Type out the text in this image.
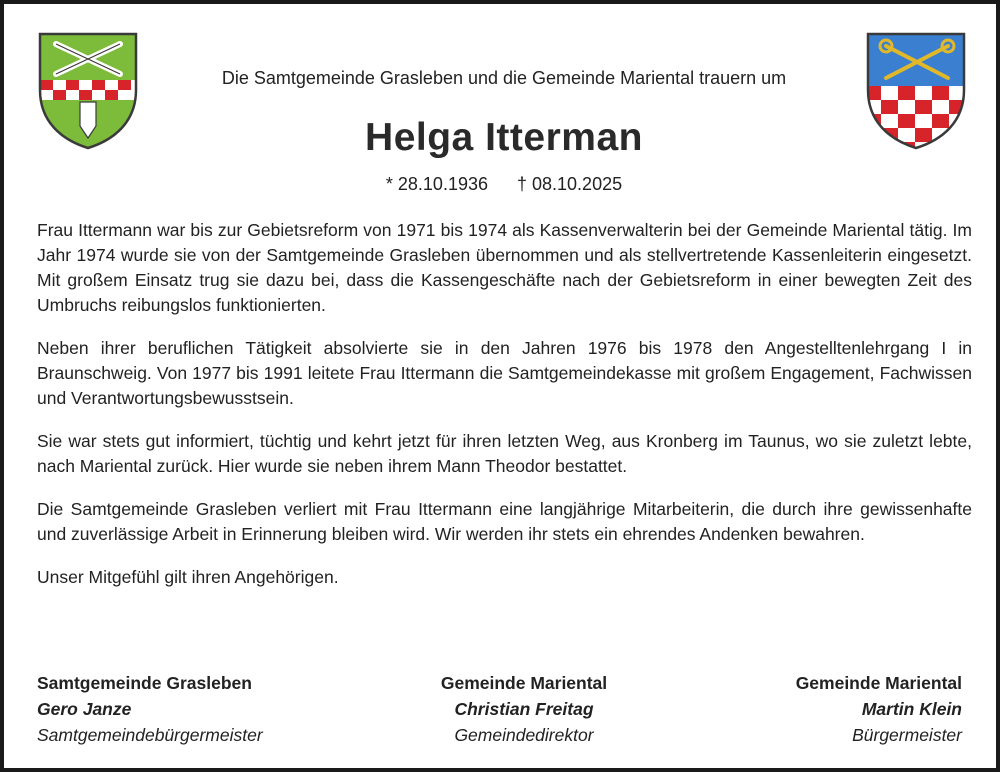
Die Samtgemeinde Grasleben und die Gemeinde Mariental trauern um
Helga Itterman
* 28.10.1936 † 08.10.2025

Frau Ittermann war bis zur Gebietsreform von 1971 bis 1974 als Kassenverwalterin bei der Gemeinde Mariental tätig. Im Jahr 1974 wurde sie von der Samtgemeinde Grasleben übernommen und als stellvertretende Kassenleiterin eingesetzt. Mit großem Einsatz trug sie dazu bei, dass die Kassengeschäfte nach der Gebietsreform in einer bewegten Zeit des Umbruchs reibungslos funktionierten.

Neben ihrer beruflichen Tätigkeit absolvierte sie in den Jahren 1976 bis 1978 den Angestelltenlehrgang I in Braunschweig. Von 1977 bis 1991 leitete Frau Ittermann die Samtgemeindekasse mit großem Engagement, Fachwissen und Verantwortungsbewusstsein.

Sie war stets gut informiert, tüchtig und kehrt jetzt für ihren letzten Weg, aus Kronberg im Taunus, wo sie zuletzt lebte, nach Mariental zurück. Hier wurde sie neben ihrem Mann Theodor bestattet.

Die Samtgemeinde Grasleben verliert mit Frau Ittermann eine langjährige Mitarbeiterin, die durch ihre gewissenhafte und zuverlässige Arbeit in Erinnerung bleiben wird. Wir werden ihr stets ein ehrendes Andenken bewahren.

Unser Mitgefühl gilt ihren Angehörigen.

Samtgemeinde Grasleben
Gero Janze
Samtgemeindebürgermeister
Gemeinde Mariental
Christian Freitag
Gemeindedirektor
Gemeinde Mariental
Martin Klein
Bürgermeister
